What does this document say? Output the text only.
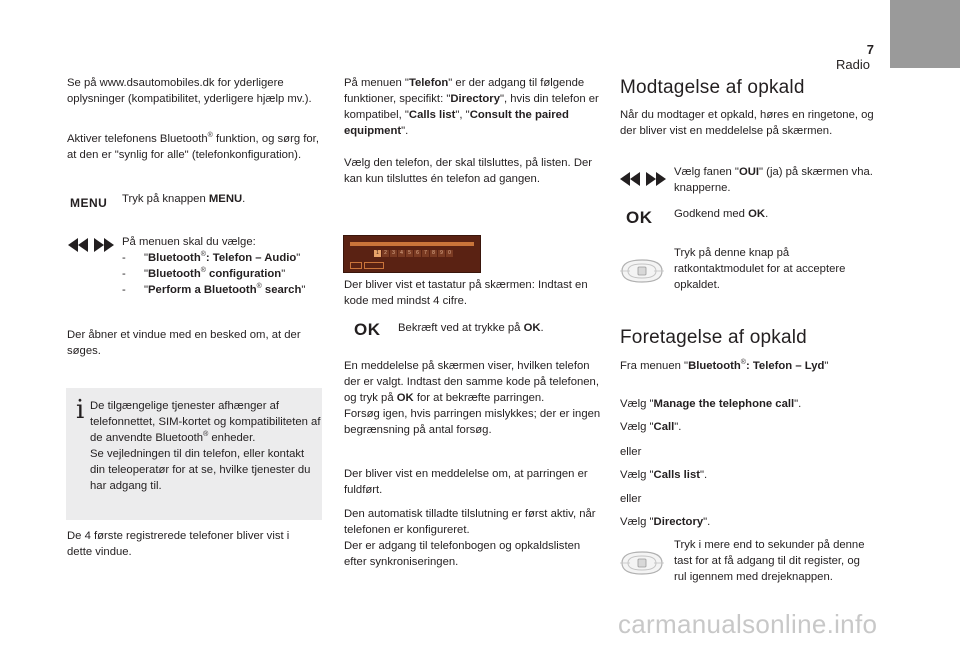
7
Radio

Se på www.dsautomobiles.dk for yderligere oplysninger (kompatibilitet, yderligere hjælp mv.).

Aktiver telefonens Bluetooth® funktion, og sørg for, at den er "synlig for alle" (telefonkonfiguration).

MENU Tryk på knappen MENU.

På menuen skal du vælge:

- "Bluetooth®: Telefon – Audio"
- "Bluetooth® configuration"
- "Perform a Bluetooth® search"

Der åbner et vindue med en besked om, at der søges.

i De tilgængelige tjenester afhænger af telefonnettet, SIM-kortet og kompatibiliteten af de anvendte Bluetooth® enheder.

Se vejledningen til din telefon, eller kontakt din teleoperatør for at se, hvilke tjenester du har adgang til.

De 4 første registrerede telefoner bliver vist i dette vindue.

På menuen "Telefon" er der adgang til følgende funktioner, specifikt: "Directory", hvis din telefon er kompatibel, "Calls list", "Consult the paired equipment".

Vælg den telefon, der skal tilsluttes, på listen. Der kan kun tilsluttes én telefon ad gangen.

1	2	3	4	5	6	7	8	9	0

Der bliver vist et tastatur på skærmen: Indtast en kode med mindst 4 cifre.

OK Bekræft ved at trykke på OK.

En meddelelse på skærmen viser, hvilken telefon der er valgt. Indtast den samme kode på telefonen, og tryk på OK for at bekræfte parringen.

Forsøg igen, hvis parringen mislykkes; der er ingen begrænsning på antal forsøg.

Der bliver vist en meddelelse om, at parringen er fuldført.

Den automatisk tilladte tilslutning er først aktiv, når telefonen er konfigureret.

Der er adgang til telefonbogen og opkaldslisten efter synkroniseringen.

Modtagelse af opkald

Når du modtager et opkald, høres en ringetone, og der bliver vist en meddelelse på skærmen.

Vælg fanen "OUI" (ja) på skærmen vha. knapperne.

OK Godkend med OK.

Tryk på denne knap på ratkontaktmodulet for at acceptere opkaldet.

Foretagelse af opkald

Fra menuen "Bluetooth®: Telefon – Lyd"

Vælg "Manage the telephone call".

Vælg "Call".

eller

Vælg "Calls list".

eller

Vælg "Directory".

Tryk i mere end to sekunder på denne tast for at få adgang til dit register, og rul igennem med drejeknappen.

carmanualsonline.info
